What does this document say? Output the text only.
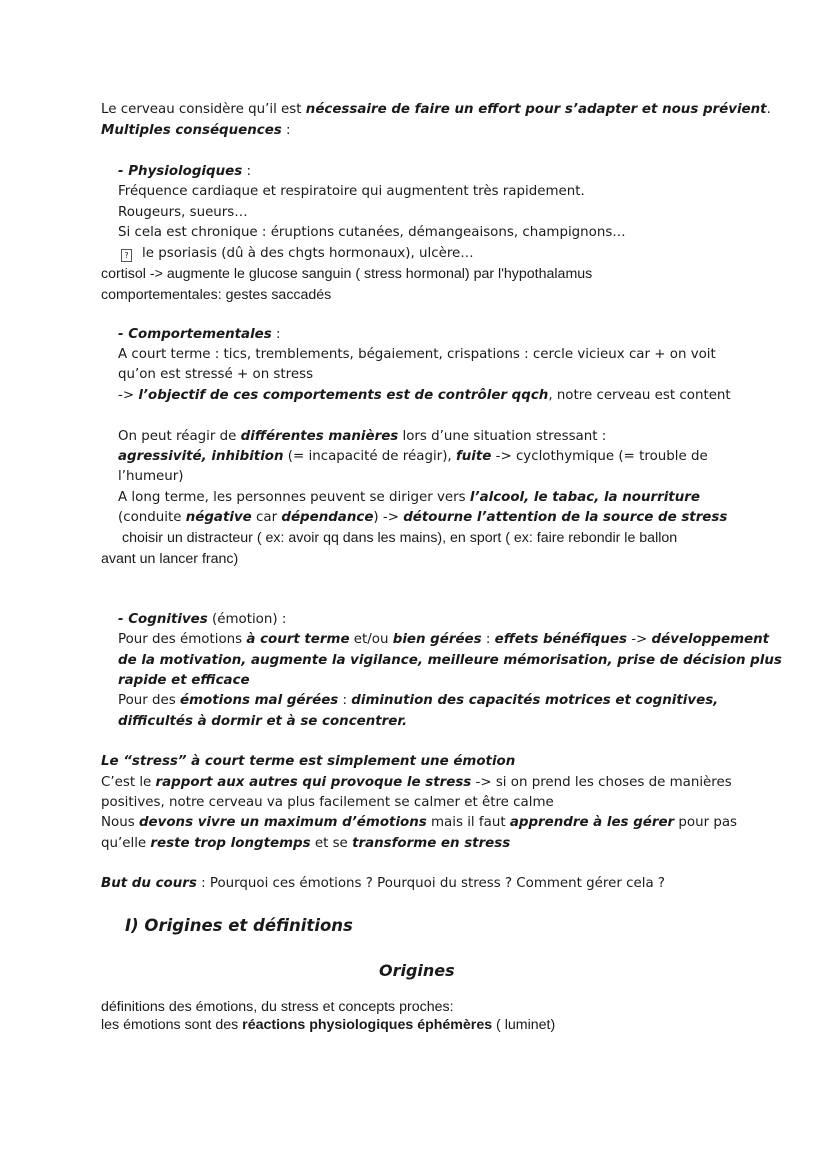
Le cerveau considère qu’il est nécessaire de faire un effort pour s’adapter et nous prévient.
Multiples conséquences :
- Physiologiques :
Fréquence cardiaque et respiratoire qui augmentent très rapidement.
Rougeurs, sueurs…
Si cela est chronique : éruptions cutanées, démangeaisons, champignons…
? le psoriasis (dû à des chgts hormonaux), ulcère…
cortisol -> augmente le glucose sanguin ( stress hormonal) par l'hypothalamus
comportementales: gestes saccadés
- Comportementales :
A court terme : tics, tremblements, bégaiement, crispations : cercle vicieux car + on voit
qu’on est stressé + on stress
-> l’objectif de ces comportements est de contrôler qqch, notre cerveau est content
On peut réagir de différentes manières lors d’une situation stressant :
agressivité, inhibition (= incapacité de réagir), fuite -> cyclothymique (= trouble de
l’humeur)
A long terme, les personnes peuvent se diriger vers l’alcool, le tabac, la nourriture
(conduite négative car dépendance) -> détourne l’attention de la source de stress
choisir un distracteur ( ex: avoir qq dans les mains), en sport ( ex: faire rebondir le ballon
avant un lancer franc)
- Cognitives (émotion) :
Pour des émotions à court terme et/ou bien gérées : effets bénéfiques -> développement
de la motivation, augmente la vigilance, meilleure mémorisation, prise de décision plus
rapide et efficace
Pour des émotions mal gérées : diminution des capacités motrices et cognitives,
difficultés à dormir et à se concentrer.
Le “stress” à court terme est simplement une émotion
C’est le rapport aux autres qui provoque le stress -> si on prend les choses de manières
positives, notre cerveau va plus facilement se calmer et être calme
Nous devons vivre un maximum d’émotions mais il faut apprendre à les gérer pour pas
qu’elle reste trop longtemps et se transforme en stress
But du cours : Pourquoi ces émotions ? Pourquoi du stress ? Comment gérer cela ?
I) Origines et définitions
Origines
définitions des émotions, du stress et concepts proches:
les émotions sont des réactions physiologiques éphémères ( luminet)
